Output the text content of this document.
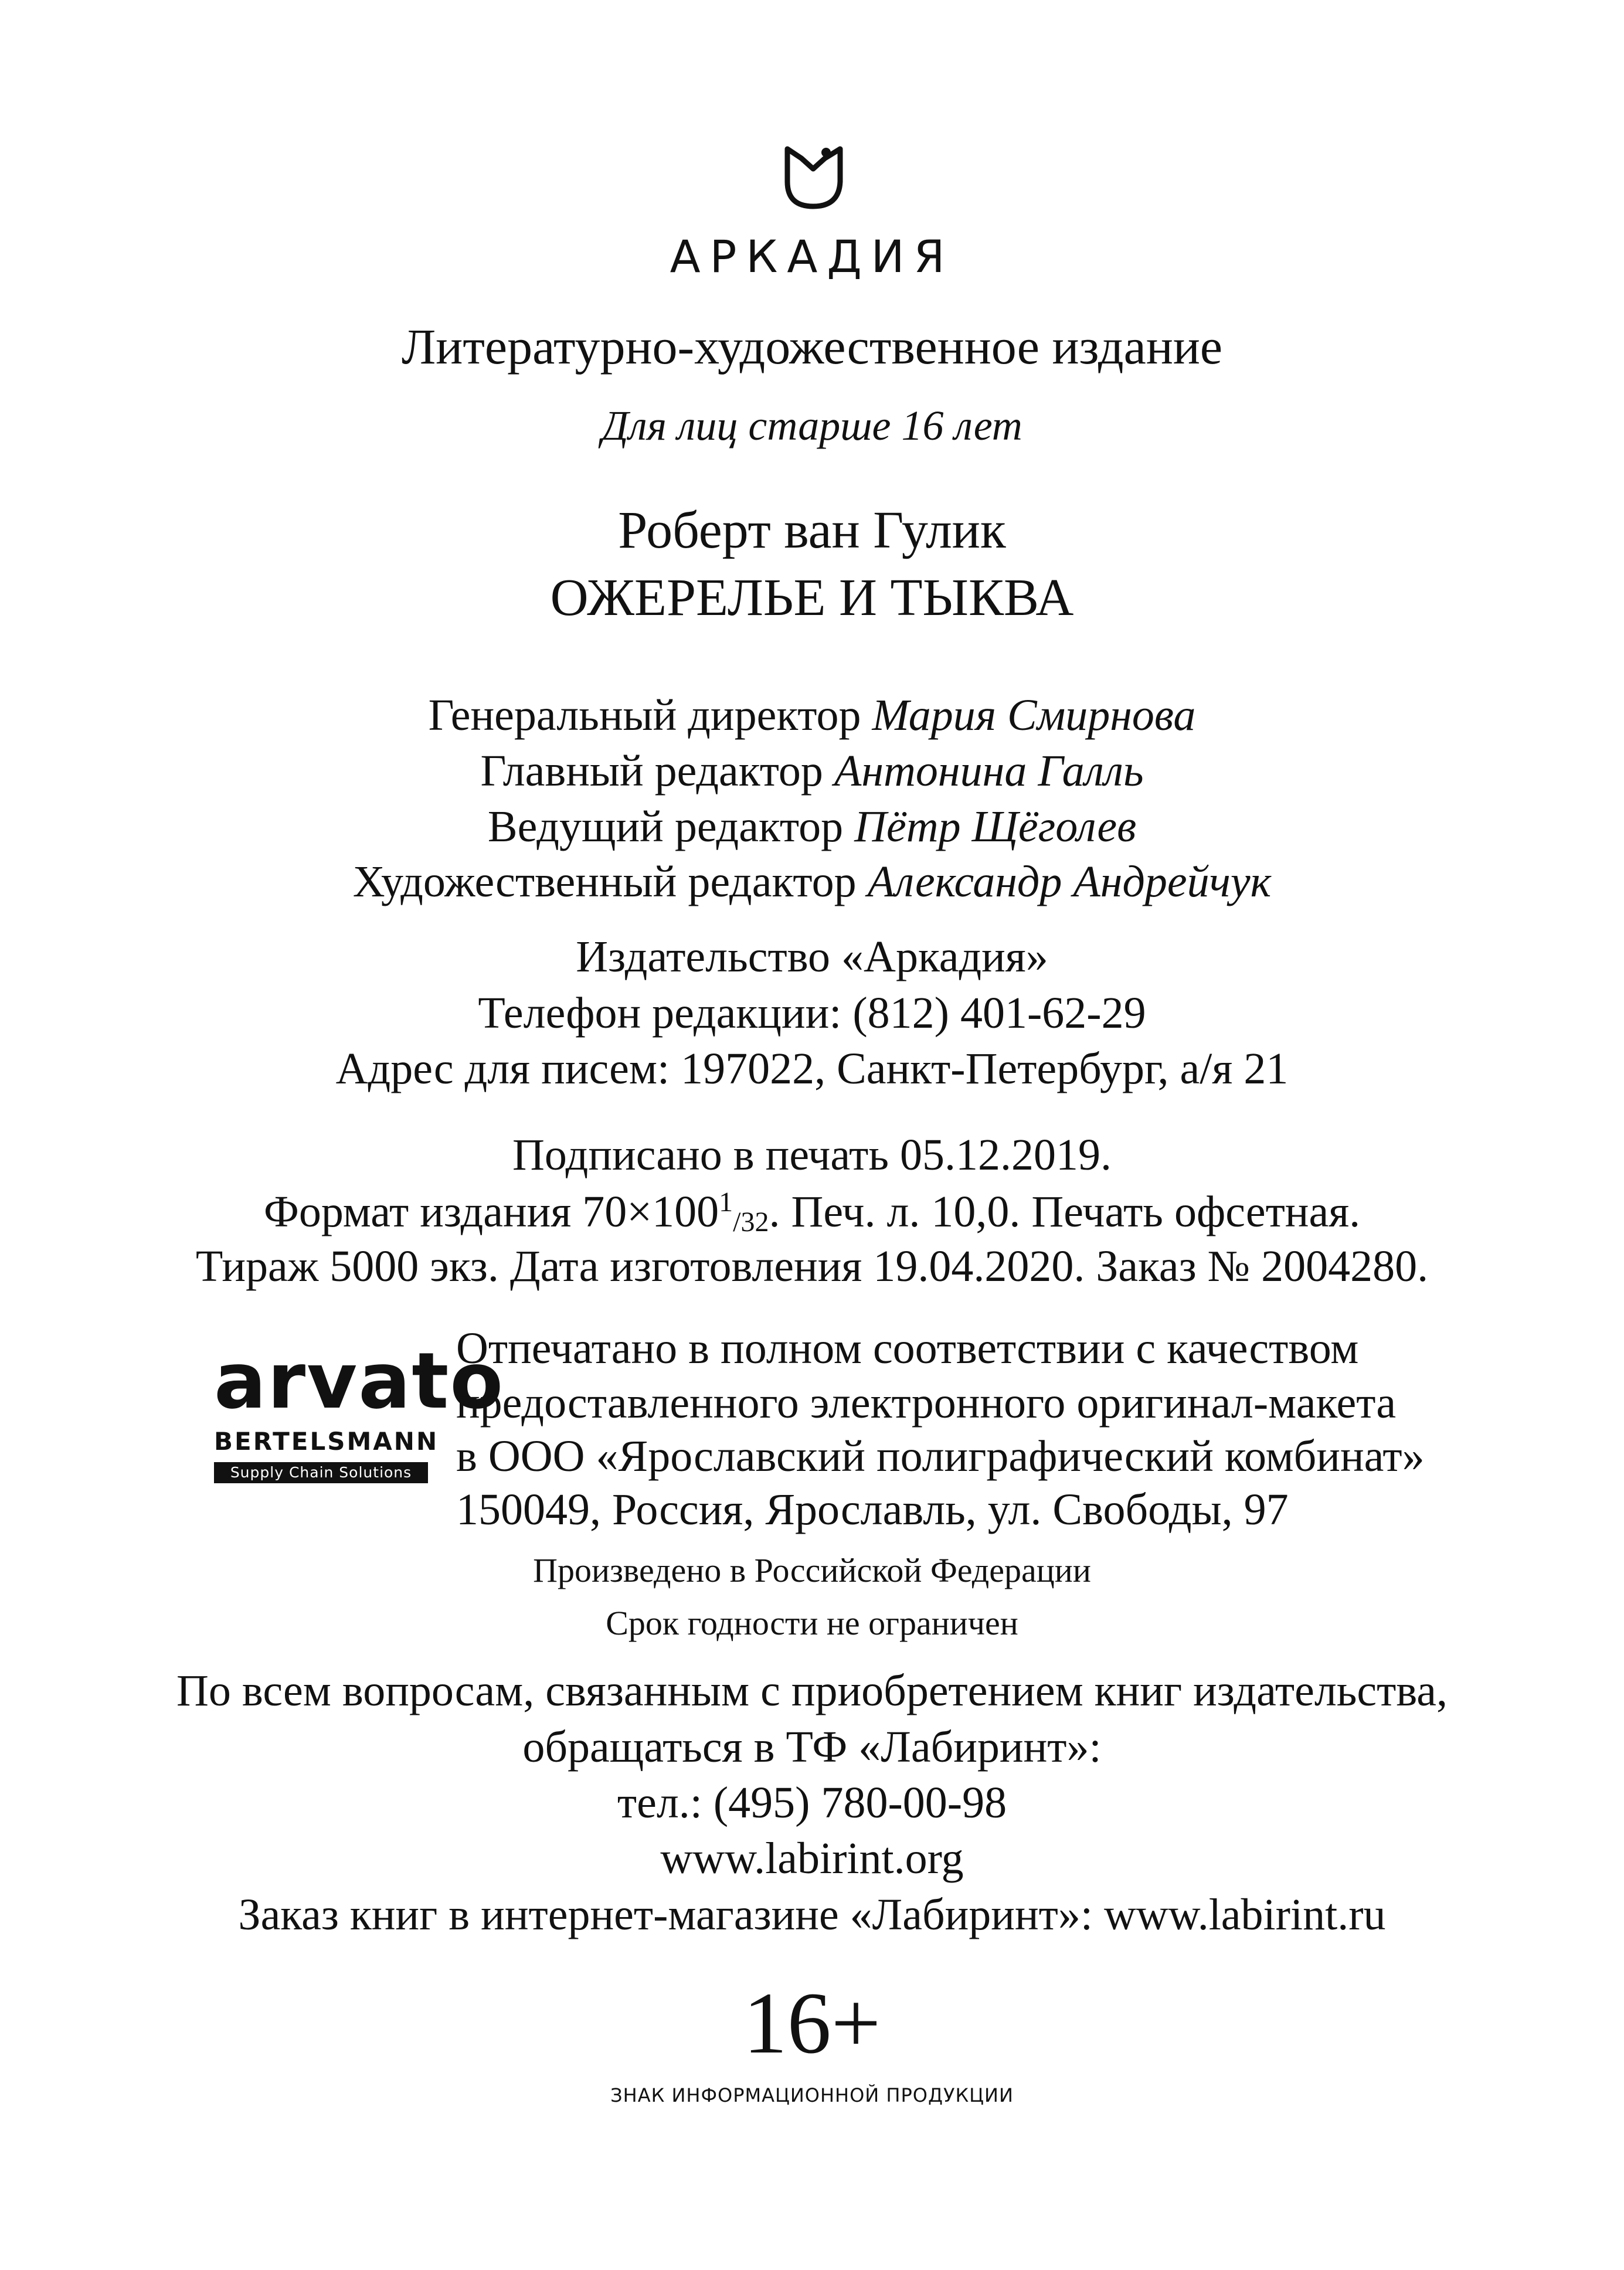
АРКАДИЯ
Литературно-художественное издание
Для лиц старше 16 лет
Роберт ван Гулик
ОЖЕРЕЛЬЕ И ТЫКВА
Генеральный директор Мария Смирнова
Главный редактор Антонина Галль
Ведущий редактор Пётр Щёголев
Художественный редактор Александр Андрейчук
Издательство «Аркадия»
Телефон редакции: (812) 401-62-29
Адрес для писем: 197022, Санкт-Петербург, а/я 21
Подписано в печать 05.12.2019.
Формат издания $70\times 100^1/32$. Печ. л. 10,0. Печать офсетная.
Тираж 5000 экз. Дата изготовления 19.04.2020. Заказ № 2004280.
arvato
BERTELSMANN
Supply Chain Solutions
Отпечатано в полном соответствии с качеством
предоставленного электронного оригинал-макета
в ООО «Ярославский полиграфический комбинат»
150049, Россия, Ярославль, ул. Свободы, 97
Произведено в Российской Федерации
Срок годности не ограничен
По всем вопросам, связанным с приобретением книг издательства,
обращаться в ТФ «Лабиринт»:
тел.: (495) 780-00-98
www.labirint.org
Заказ книг в интернет-магазине «Лабиринт»: www.labirint.ru
16+
ЗНАК ИНФОРМАЦИОННОЙ ПРОДУКЦИИ
